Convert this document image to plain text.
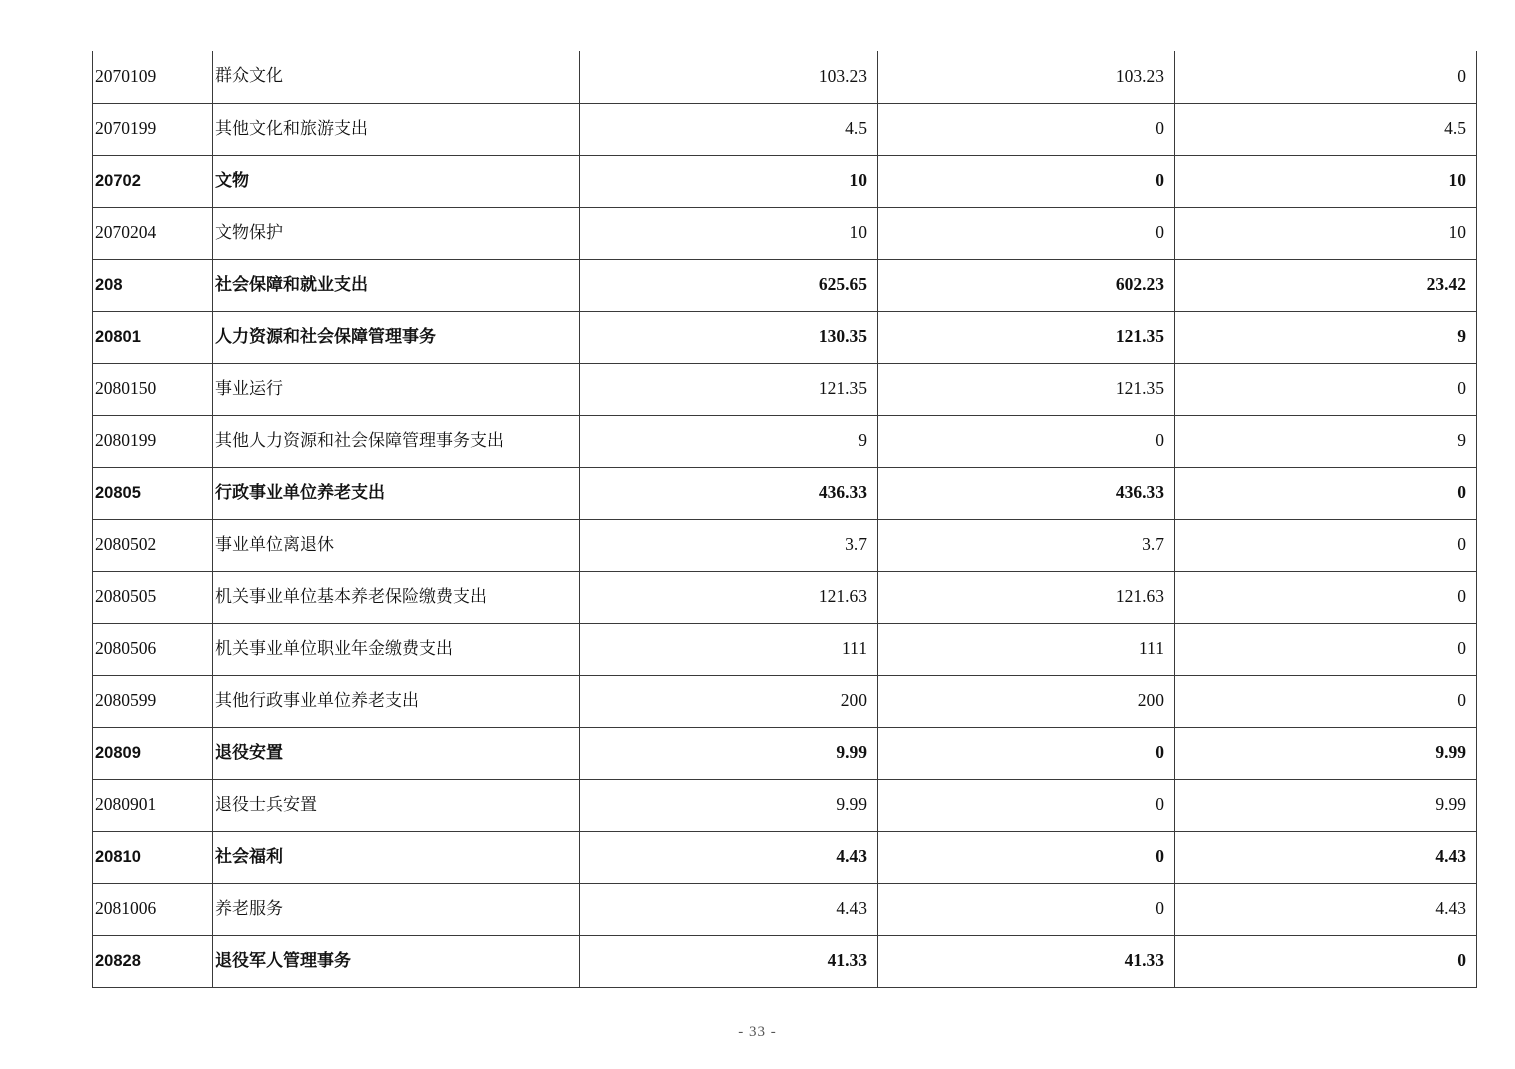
2070109	群众文化	103.23	103.23	0
2070199	其他文化和旅游支出	4.5	0	4.5
20702	文物	10	0	10
2070204	文物保护	10	0	10
208	社会保障和就业支出	625.65	602.23	23.42
20801	人力资源和社会保障管理事务	130.35	121.35	9
2080150	事业运行	121.35	121.35	0
2080199	其他人力资源和社会保障管理事务支出	9	0	9
20805	行政事业单位养老支出	436.33	436.33	0
2080502	事业单位离退休	3.7	3.7	0
2080505	机关事业单位基本养老保险缴费支出	121.63	121.63	0
2080506	机关事业单位职业年金缴费支出	111	111	0
2080599	其他行政事业单位养老支出	200	200	0
20809	退役安置	9.99	0	9.99
2080901	退役士兵安置	9.99	0	9.99
20810	社会福利	4.43	0	4.43
2081006	养老服务	4.43	0	4.43
20828	退役军人管理事务	41.33	41.33	0
- 33 -
